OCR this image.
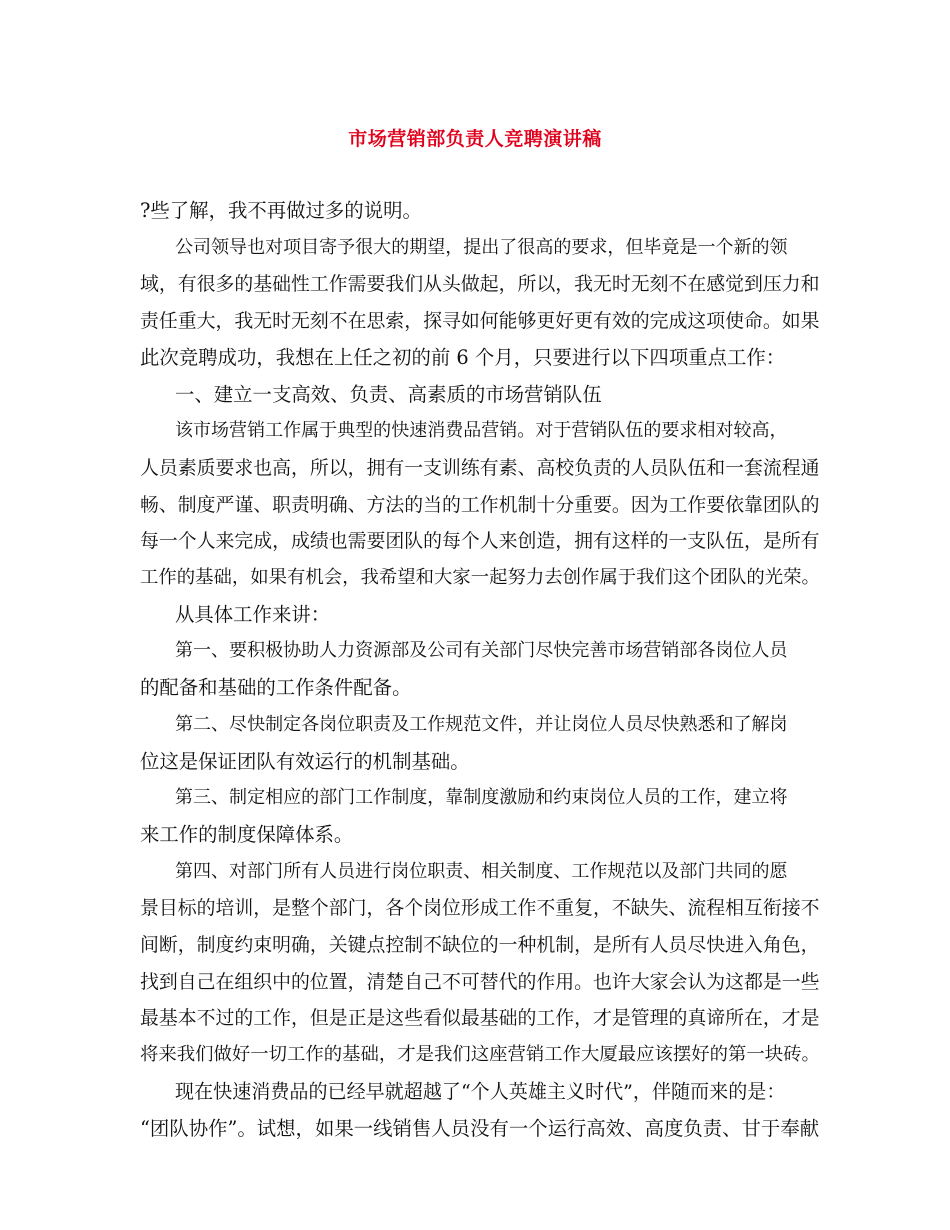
市场营销部负责人竞聘演讲稿

?些了解，我不再做过多的说明。

公司领导也对项目寄予很大的期望，提出了很高的要求，但毕竟是一个新的领

域，有很多的基础性工作需要我们从头做起，所以，我无时无刻不在感觉到压力和

责任重大，我无时无刻不在思索，探寻如何能够更好更有效的完成这项使命。如果

此次竞聘成功，我想在上任之初的前 6 个月，只要进行以下四项重点工作：

一、建立一支高效、负责、高素质的市场营销队伍

该市场营销工作属于典型的快速消费品营销。对于营销队伍的要求相对较高，

人员素质要求也高，所以，拥有一支训练有素、高校负责的人员队伍和一套流程通

畅、制度严谨、职责明确、方法的当的工作机制十分重要。因为工作要依靠团队的

每一个人来完成，成绩也需要团队的每个人来创造，拥有这样的一支队伍，是所有

工作的基础，如果有机会，我希望和大家一起努力去创作属于我们这个团队的光荣。

从具体工作来讲：

第一、要积极协助人力资源部及公司有关部门尽快完善市场营销部各岗位人员

的配备和基础的工作条件配备。

第二、尽快制定各岗位职责及工作规范文件，并让岗位人员尽快熟悉和了解岗

位这是保证团队有效运行的机制基础。

第三、制定相应的部门工作制度，靠制度激励和约束岗位人员的工作，建立将

来工作的制度保障体系。

第四、对部门所有人员进行岗位职责、相关制度、工作规范以及部门共同的愿

景目标的培训，是整个部门，各个岗位形成工作不重复，不缺失、流程相互衔接不

间断，制度约束明确，关键点控制不缺位的一种机制，是所有人员尽快进入角色，

找到自己在组织中的位置，清楚自己不可替代的作用。也许大家会认为这都是一些

最基本不过的工作，但是正是这些看似最基础的工作，才是管理的真谛所在，才是

将来我们做好一切工作的基础，才是我们这座营销工作大厦最应该摆好的第一块砖。

现在快速消费品的已经早就超越了“个人英雄主义时代”，伴随而来的是：

“团队协作”。试想，如果一线销售人员没有一个运行高效、高度负责、甘于奉献
